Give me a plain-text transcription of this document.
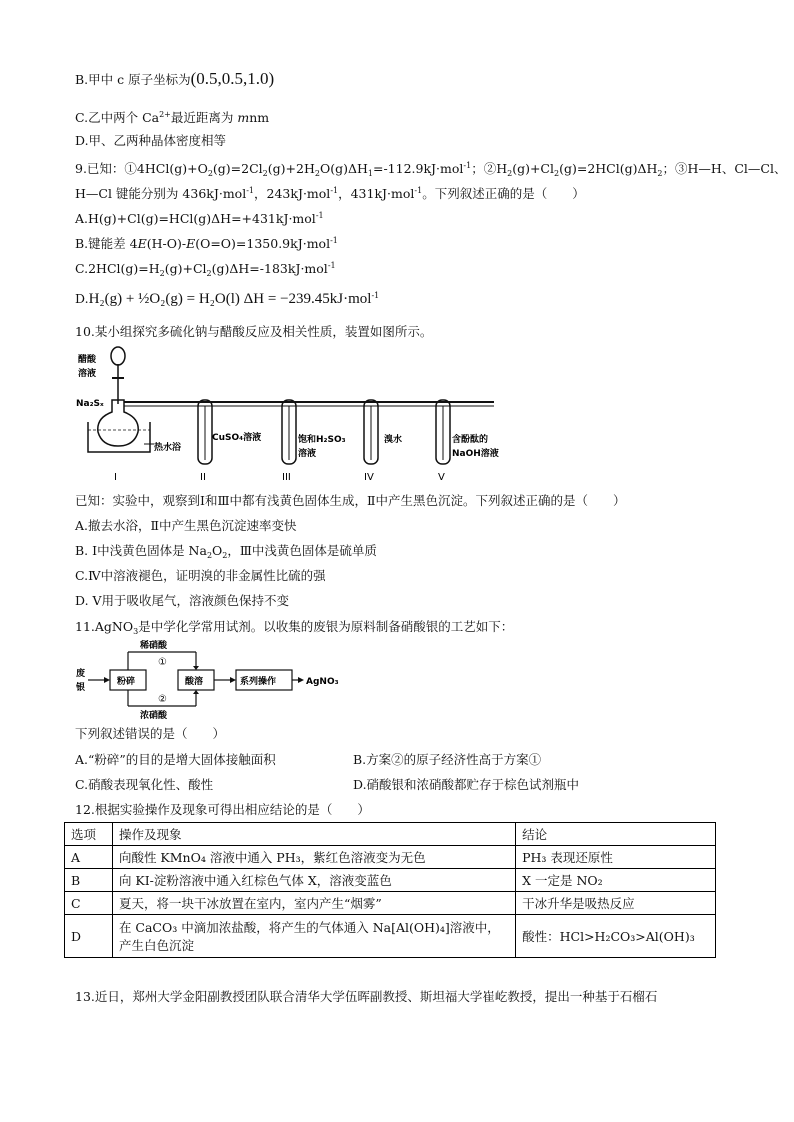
B.甲中 c 原子坐标为(0.5,0.5,1.0)
C.乙中两个 $Ca^{2+}$最近距离为 mnm
D.甲、乙两种晶体密度相等
9.已知：$①4HCl(g)+O_2(g)=2Cl_2(g)+2H_2O(g)\Delta H_1=-112.9kJ\cdot mol^{-1}$；$②H_2(g)+Cl_2(g)=2HCl(g)\Delta H_2$；③H—H、Cl—Cl、
H—Cl 键能分别为 436kJ·mol$^{-1}$，243kJ·mol$^{-1}$，431kJ·mol$^{-1}$。下列叙述正确的是（　　）
A.H(g)+Cl(g)=HCl(g)ΔH=+431kJ·mol$^{-1}$
B.键能差 4E(H-O)-E(O=O)=1350.9kJ·mol$^{-1}$
$C.2HCl(g)=H_2(g)+Cl_2(g)\Delta H=-183kJ\cdot mol^{-1}$
D.H₂(g) + ½O₂(g) = H₂O(l) ΔH = −239.45kJ·mol$^{-1}$
10.某小组探究多硫化钠与醋酸反应及相关性质，装置如图所示。
醋酸
溶液
Na₂Sₓ
热水浴
CuSO₄溶液	饱和H₂SO₃
溶液
溴水	含酚酞的
NaOH溶液
I	II	III	IV	V
已知：实验中，观察到Ⅰ和Ⅲ中都有浅黄色固体生成，Ⅱ中产生黑色沉淀。下列叙述正确的是（　　）
A.撤去水浴，Ⅱ中产生黑色沉淀速率变快
B. Ⅰ中浅黄色固体是 $Na_2O_2$，Ⅲ中浅黄色固体是硫单质
C.Ⅳ中溶液褪色，证明溴的非金属性比硫的强
D. Ⅴ用于吸收尾气，溶液颜色保持不变
11.AgNO$_3$是中学化学常用试剂。以收集的废银为原料制备硝酸银的工艺如下：
废
银
粉碎
稀硝酸
①
②
浓硝酸
酸溶	系列操作	AgNO₃
下列叙述错误的是（　　）
A.“粉碎”的目的是增大固体接触面积	B.方案②的原子经济性高于方案①
C.硝酸表现氧化性、酸性	D.硝酸银和浓硝酸都贮存于棕色试剂瓶中
12.根据实验操作及现象可得出相应结论的是（　　）
选项	操作及现象	结论
A	向酸性 KMnO₄ 溶液中通入 PH₃，紫红色溶液变为无色	PH₃ 表现还原性
B	向 KI-淀粉溶液中通入红棕色气体 X，溶液变蓝色	X 一定是 NO₂
C	夏天，将一块干冰放置在室内，室内产生“烟雾”	干冰升华是吸热反应
D	在 CaCO₃ 中滴加浓盐酸，将产生的气体通入 Na[Al(OH)₄]溶液中，
产生白色沉淀	酸性：HCl>H₂CO₃>Al(OH)₃
13.近日，郑州大学金阳副教授团队联合清华大学伍晖副教授、斯坦福大学崔屹教授，提出一种基于石榴石
